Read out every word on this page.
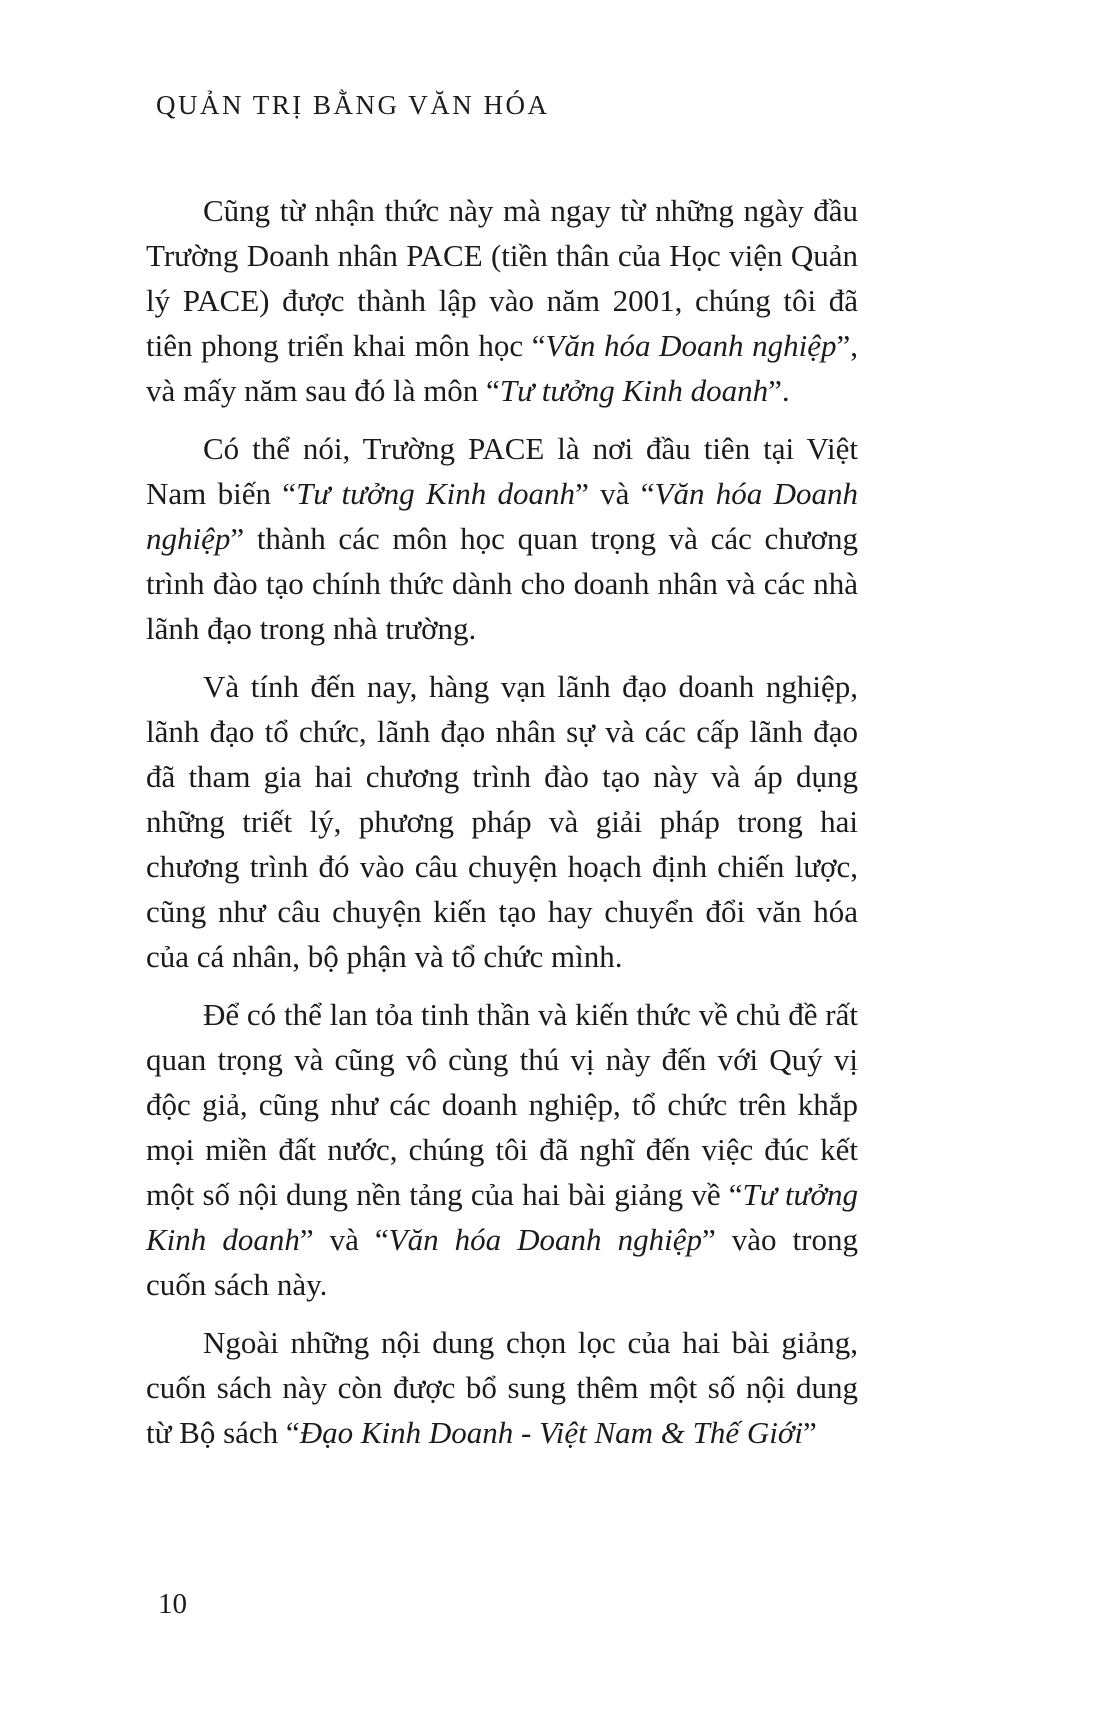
QUẢN TRỊ BẰNG VĂN HÓA

Cũng từ nhận thức này mà ngay từ những ngày đầu Trường Doanh nhân PACE (tiền thân của Học viện Quản lý PACE) được thành lập vào năm 2001, chúng tôi đã tiên phong triển khai môn học “Văn hóa Doanh nghiệp”, và mấy năm sau đó là môn “Tư tưởng Kinh doanh”.

Có thể nói, Trường PACE là nơi đầu tiên tại Việt Nam biến “Tư tưởng Kinh doanh” và “Văn hóa Doanh nghiệp” thành các môn học quan trọng và các chương trình đào tạo chính thức dành cho doanh nhân và các nhà lãnh đạo trong nhà trường.

Và tính đến nay, hàng vạn lãnh đạo doanh nghiệp, lãnh đạo tổ chức, lãnh đạo nhân sự và các cấp lãnh đạo đã tham gia hai chương trình đào tạo này và áp dụng những triết lý, phương pháp và giải pháp trong hai chương trình đó vào câu chuyện hoạch định chiến lược, cũng như câu chuyện kiến tạo hay chuyển đổi văn hóa của cá nhân, bộ phận và tổ chức mình.

Để có thể lan tỏa tinh thần và kiến thức về chủ đề rất quan trọng và cũng vô cùng thú vị này đến với Quý vị độc giả, cũng như các doanh nghiệp, tổ chức trên khắp mọi miền đất nước, chúng tôi đã nghĩ đến việc đúc kết một số nội dung nền tảng của hai bài giảng về “Tư tưởng Kinh doanh” và “Văn hóa Doanh nghiệp” vào trong cuốn sách này.

Ngoài những nội dung chọn lọc của hai bài giảng, cuốn sách này còn được bổ sung thêm một số nội dung từ Bộ sách “Đạo Kinh Doanh - Việt Nam & Thế Giới”

10
